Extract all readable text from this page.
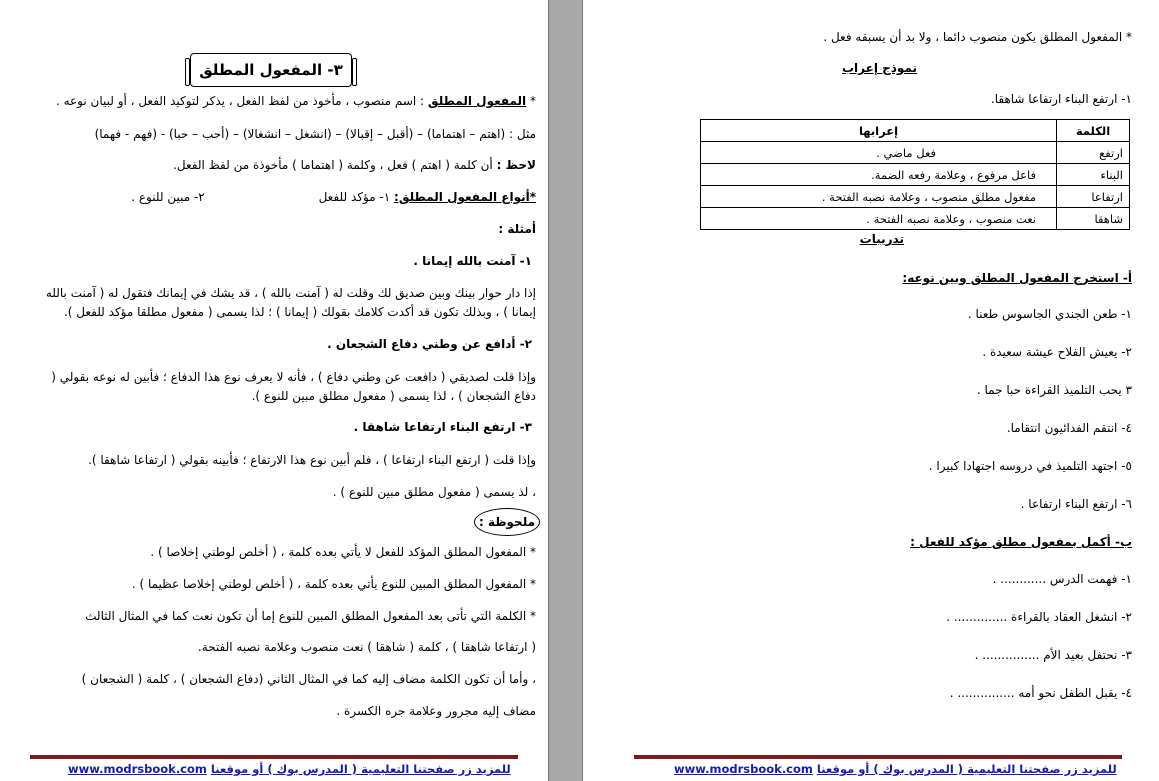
٣- المفعول المطلق
* المفعول المطلق : اسم منصوب ، مأخوذ من لفظ الفعل ، يذكر لتوكيد الفعل ، أو لبيان نوعه .
مثل : (اهتم – اهتماما) – (أقبل – إقبالا) – (انشغل – انشغالا) – (أحب – حبا) - (فهم - فهما)
لاحظ : أن كلمة ( اهتم ) فعل ، وكلمة ( اهتماما ) مأخوذة من لفظ الفعل.
*أنواع المفعول المطلق: ١- مؤكد للفعل ٢- مبين للنوع .
أمثلة :
١- آمنت بالله إيمانا .
إذا دار حوار بينك وبين صديق لك وقلت له ( آمنت بالله ) ، قد يشك في إيمانك فتقول له ( آمنت بالله إيمانا ) ، وبذلك تكون قد أكدت كلامك بقولك ( إيمانا ) ؛ لذا يسمى ( مفعول مطلقا مؤكد للفعل ).
٢- أدافع عن وطني دفاع الشجعان .
وإذا قلت لصديقي ( دافعت عن وطني دفاع ) ، فأنه لا يعرف نوع هذا الدفاع ؛ فأبين له نوعه بقولي ( دفاع الشجعان ) ، لذا يسمى ( مفعول مطلق مبين للنوع ).
٣- ارتفع البناء ارتفاعا شاهقا .
وإذا قلت ( ارتفع البناء ارتفاعا ) ، فلم أبين نوع هذا الارتفاع ؛ فأبينه بقولي ( ارتفاعا شاهقا ).
، لذ يسمى ( مفعول مطلق مبين للنوع ) .
ملحوظة :
* المفعول المطلق المؤكد للفعل لا يأتي بعده كلمة ، ( أخلص لوطني إخلاصا ) .
* المفعول المطلق المبين للنوع يأتي بعده كلمة ، ( أخلص لوطني إخلاصا عظيما ) .
* الكلمة التي تأتى بعد المفعول المطلق المبين للنوع إما أن تكون نعت كما في المثال الثالث
( ارتفاعا شاهقا ) ، كلمة ( شاهقا ) نعت منصوب وعلامة نصبه الفتحة.
، وأما أن تكون الكلمة مضاف إليه كما في المثال الثاني (دفاع الشجعان ) ، كلمة ( الشجعان )
مضاف إليه مجرور وعلامة جره الكسرة .
www.modrsbook.com للمزيد زر صفحتنا التعليمية ( المدرس بوك ) أو موقعنا
* المفعول المطلق يكون منصوب دائما ، ولا بد أن يسبقه فعل .
نموذج إعراب
١- ارتفع البناء ارتفاعا شاهقا.
الكلمة	إعرابها
ارتفع	فعل ماضي .
البناء	فاعل مرفوع ، وعلامة رفعه الضمة.
ارتفاعا	مفعول مطلق منصوب ، وعلامة نصبه الفتحة .
شاهقا	نعت منصوب ، وعلامة نصبه الفتحة .
تدريبات
أ- استخرج المفعول المطلق وبين نوعه:
١- طعن الجندي الجاسوس طعنا .
٢- يعيش الفلاح عيشة سعيدة .
٣ يحب التلميذ القراءة حبا جما .
٤- انتقم الفدائيون انتقاما.
٥- اجتهد التلميذ في دروسه اجتهادا كبيرا .
٦- ارتفع البناء ارتفاعا .
ب- أكمل بمفعول مطلق مؤكد للفعل :
١- فهمت الدرس ............ .
٢- انشغل العقاد بالقراءة .............. .
٣- نحتفل بعيد الأم ............... .
٤- يقبل الطفل نحو أمه ............... .
www.modrsbook.com للمزيد زر صفحتنا التعليمية ( المدرس بوك ) أو موقعنا
